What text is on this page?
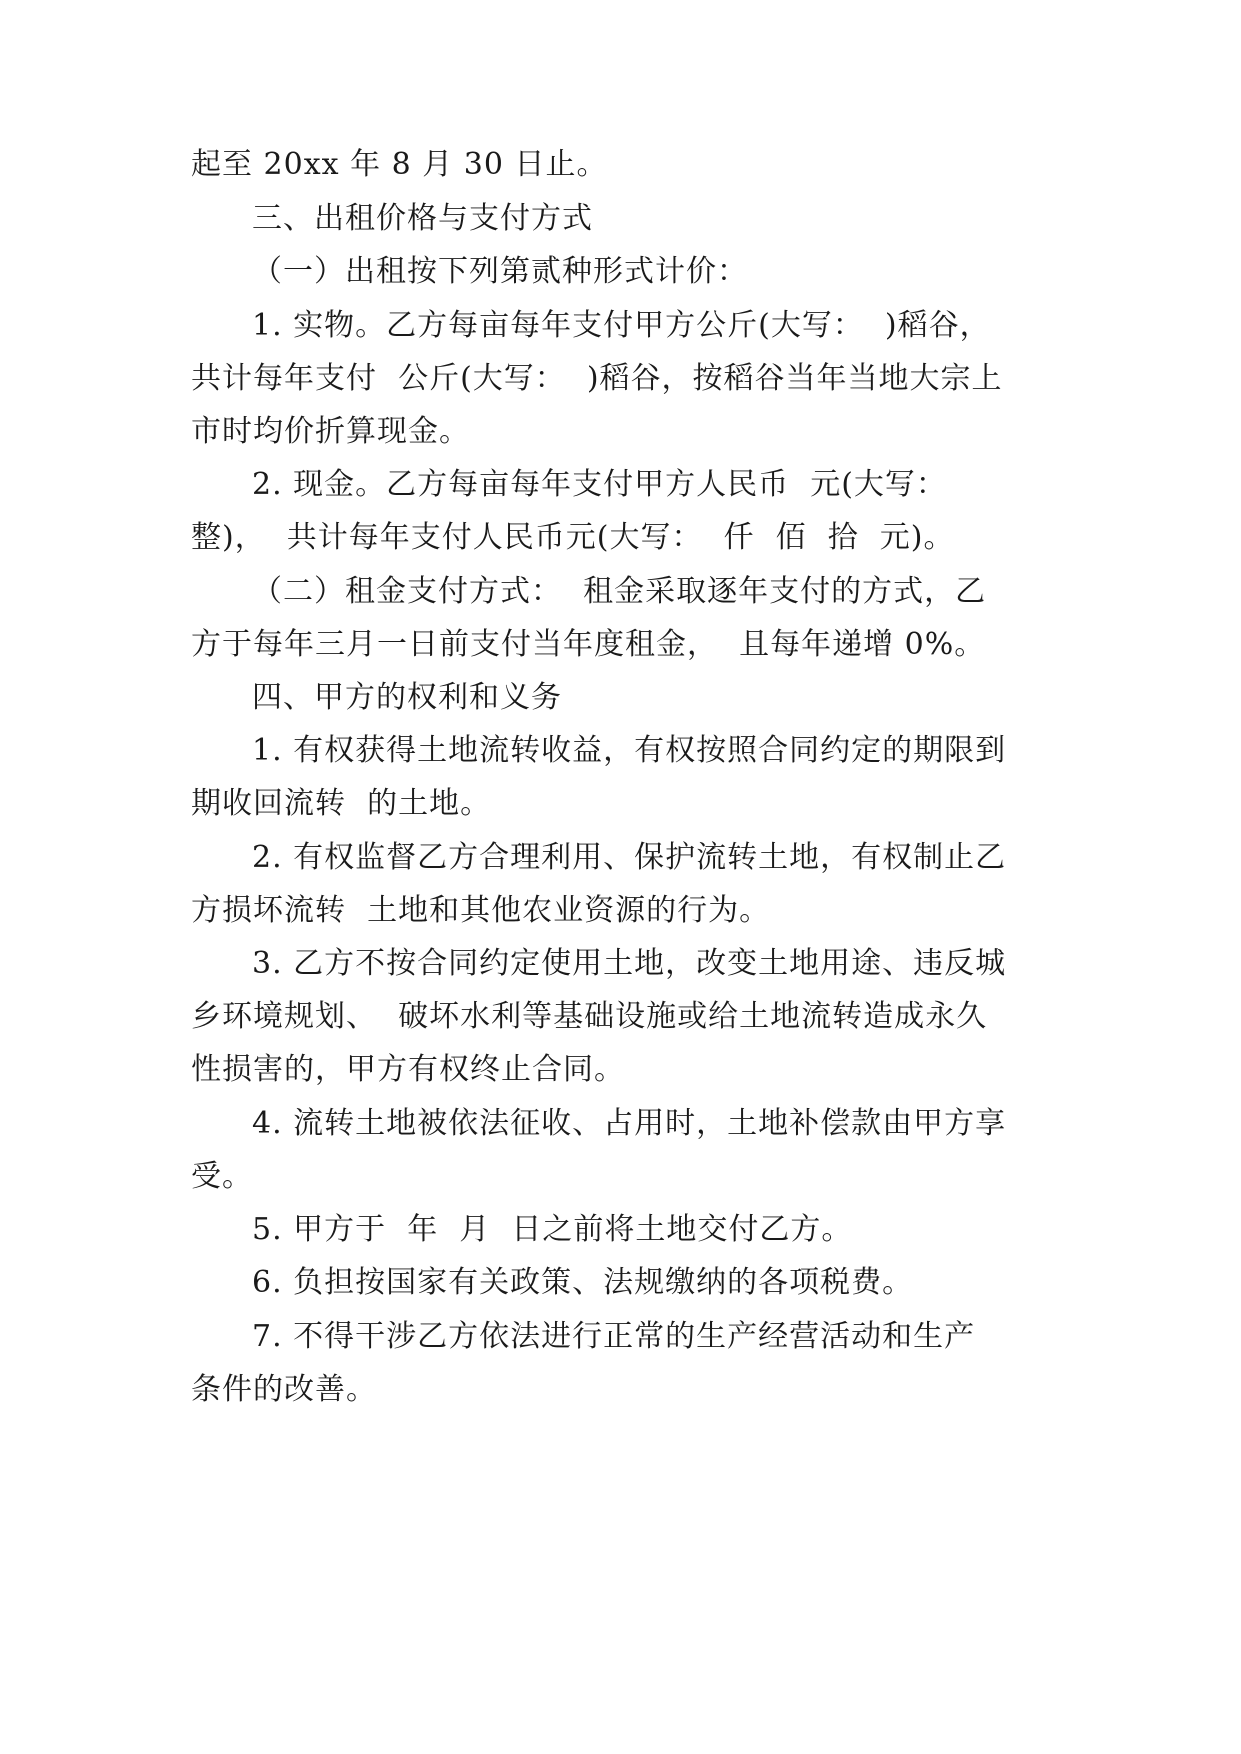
起至 20xx 年 8 月 30 日止。

三、出租价格与支付方式

（一）出租按下列第贰种形式计价：

1. 实物。乙方每亩每年支付甲方公斤(大写：  )稻谷，

共计每年支付  公斤(大写：  )稻谷，按稻谷当年当地大宗上

市时均价折算现金。

2. 现金。乙方每亩每年支付甲方人民币  元(大写：

整)，  共计每年支付人民币元(大写：  仟  佰  拾  元)。

（二）租金支付方式：  租金采取逐年支付的方式，乙

方于每年三月一日前支付当年度租金，  且每年递增 0%。

四、甲方的权利和义务

1. 有权获得土地流转收益，有权按照合同约定的期限到

期收回流转  的土地。

2. 有权监督乙方合理利用、保护流转土地，有权制止乙

方损坏流转  土地和其他农业资源的行为。

3. 乙方不按合同约定使用土地，改变土地用途、违反城

乡环境规划、  破坏水利等基础设施或给土地流转造成永久

性损害的，甲方有权终止合同。

4. 流转土地被依法征收、占用时，土地补偿款由甲方享

受。

5. 甲方于  年  月  日之前将土地交付乙方。

6. 负担按国家有关政策、法规缴纳的各项税费。

7. 不得干涉乙方依法进行正常的生产经营活动和生产

条件的改善。
